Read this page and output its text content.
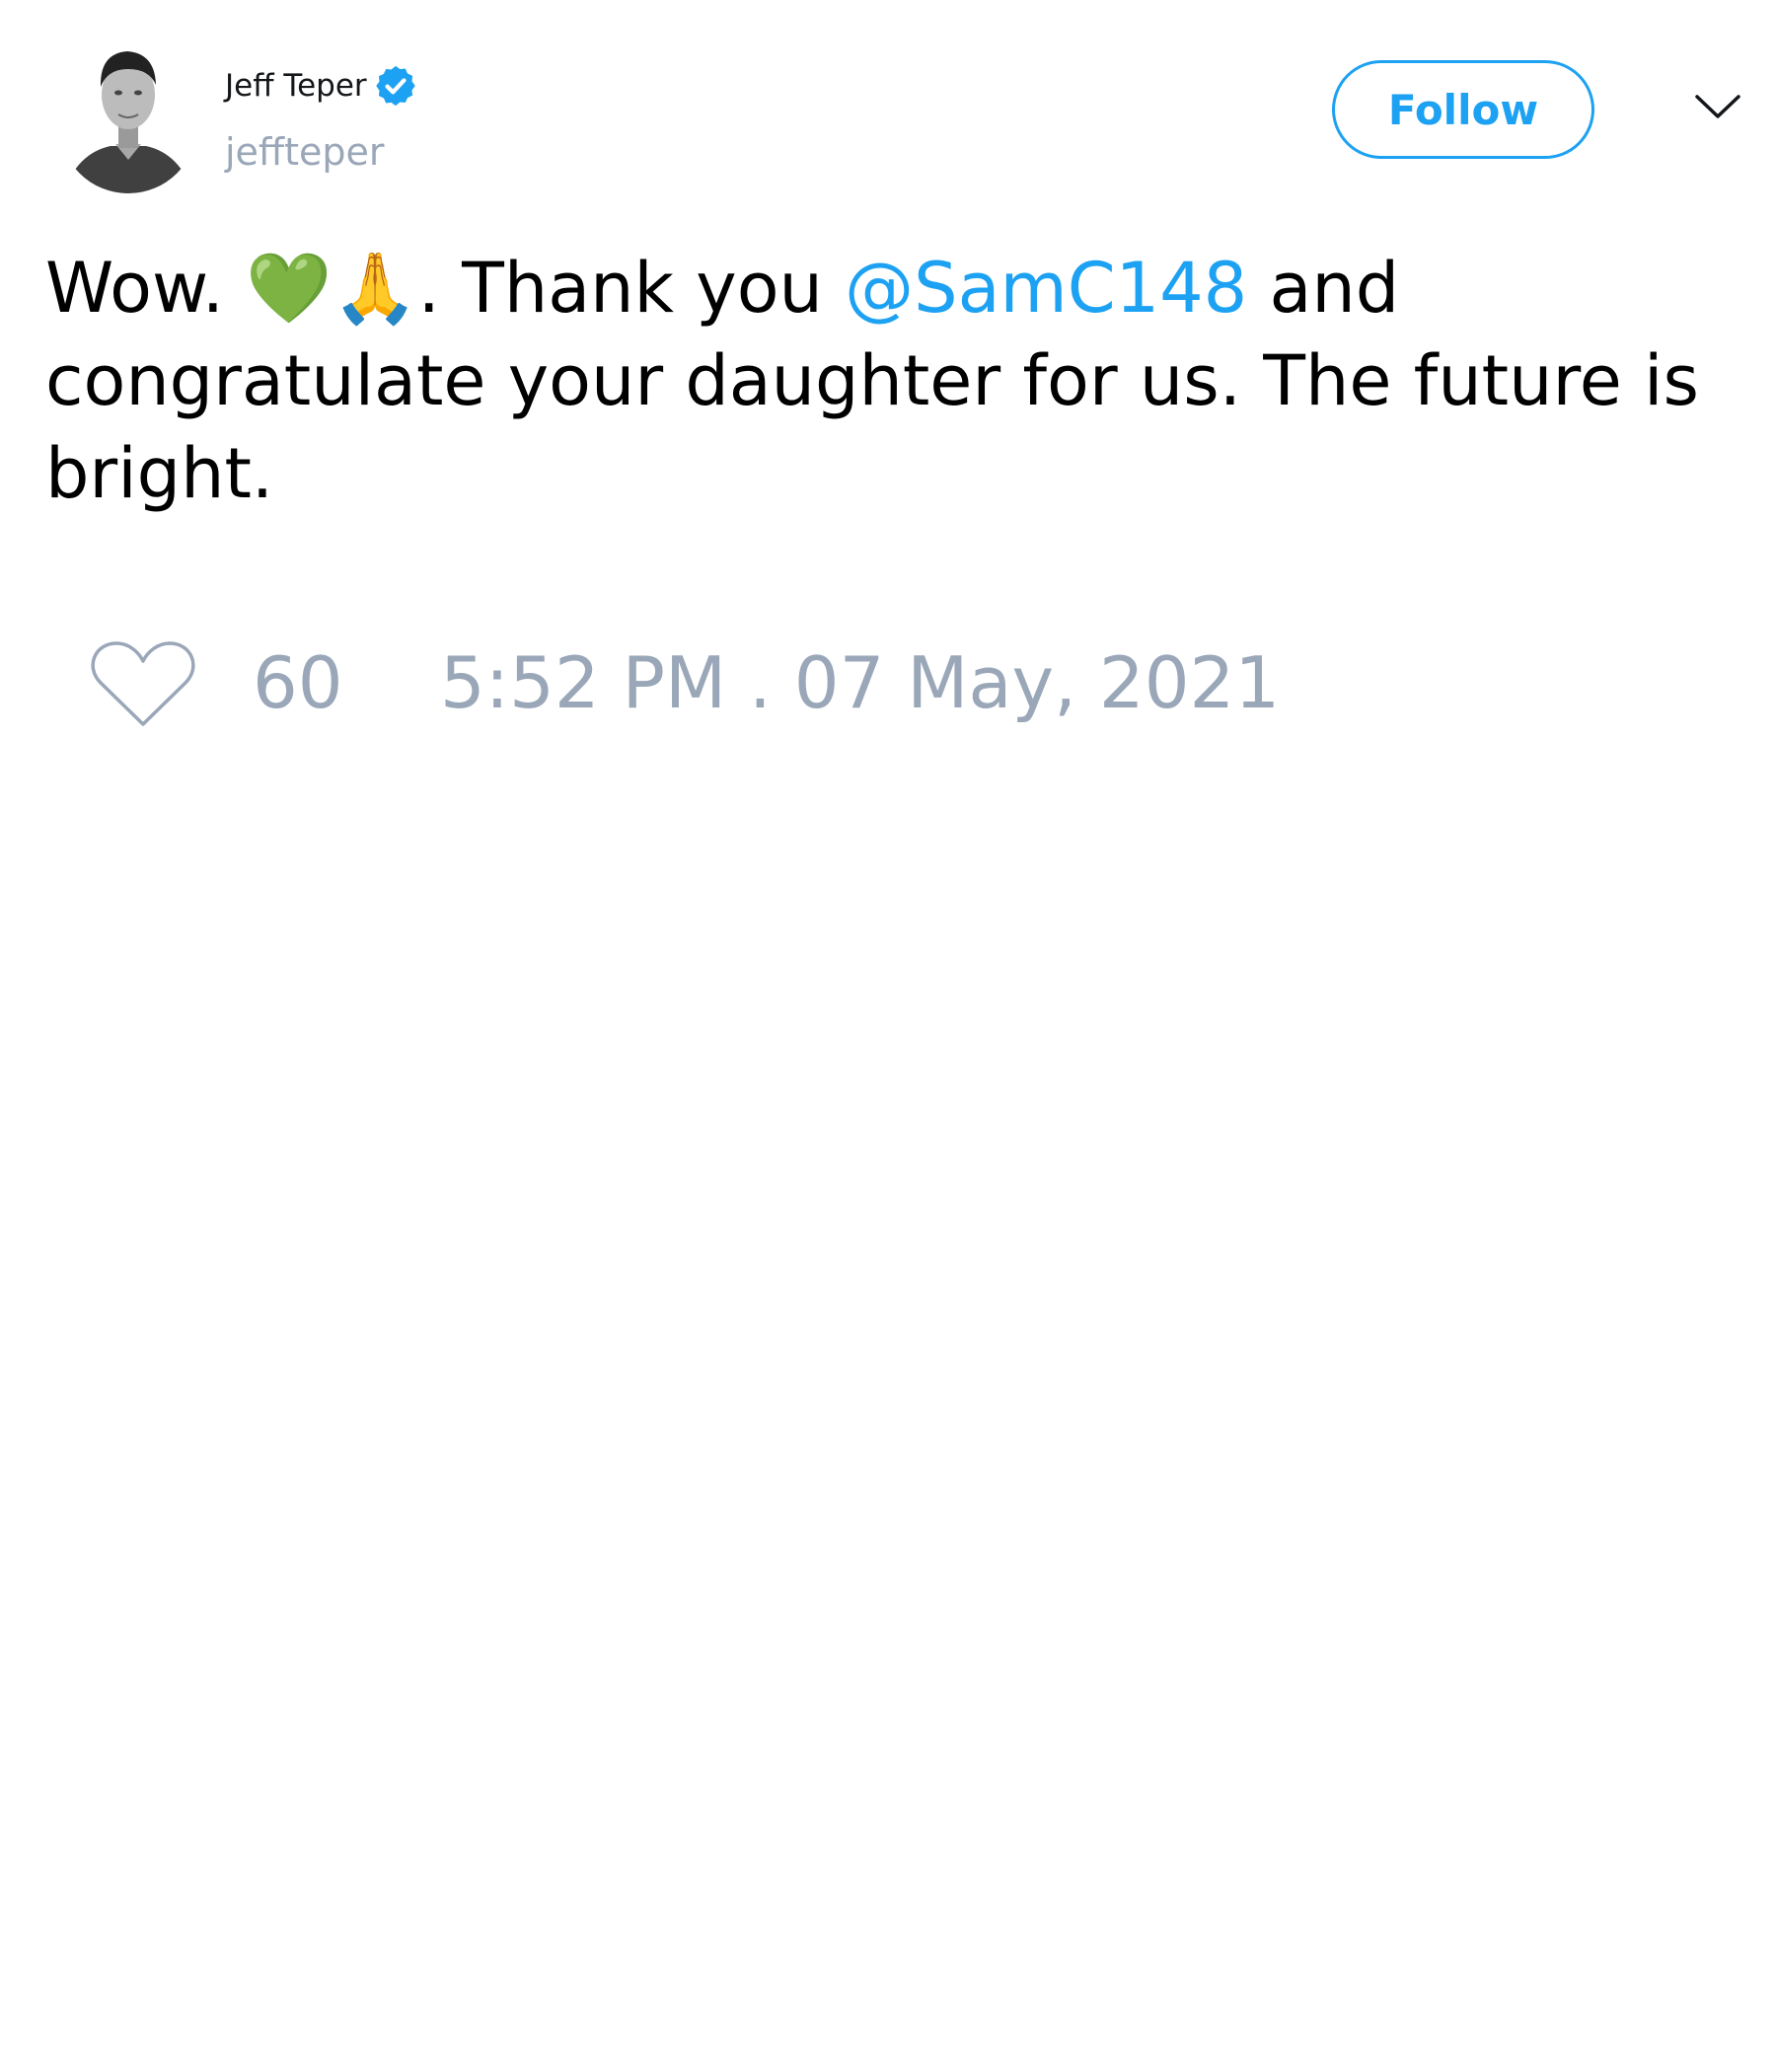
Jeff Teper
jeffteper
Follow

Wow. 💚🙏. Thank you @SamC148 and congratulate your daughter for us. The future is bright.

60 5:52 PM . 07 May, 2021
